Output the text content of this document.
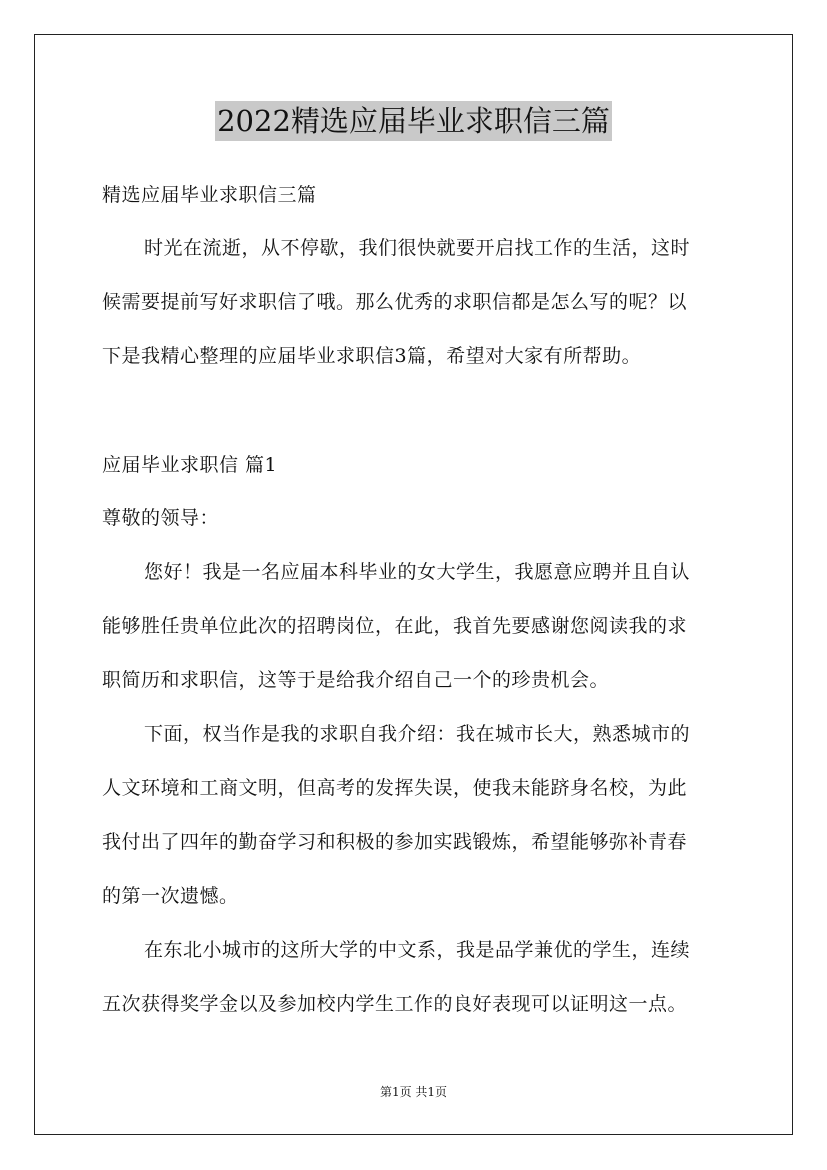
2022精选应届毕业求职信三篇
精选应届毕业求职信三篇
时光在流逝，从不停歇，我们很快就要开启找工作的生活，这时
候需要提前写好求职信了哦。那么优秀的求职信都是怎么写的呢？以
下是我精心整理的应届毕业求职信3篇，希望对大家有所帮助。
应届毕业求职信 篇1
尊敬的领导：
您好！我是一名应届本科毕业的女大学生，我愿意应聘并且自认
能够胜任贵单位此次的招聘岗位，在此，我首先要感谢您阅读我的求
职简历和求职信，这等于是给我介绍自己一个的珍贵机会。
下面，权当作是我的求职自我介绍：我在城市长大，熟悉城市的
人文环境和工商文明，但高考的发挥失误，使我未能跻身名校，为此
我付出了四年的勤奋学习和积极的参加实践锻炼，希望能够弥补青春
的第一次遗憾。
在东北小城市的这所大学的中文系，我是品学兼优的学生，连续
五次获得奖学金以及参加校内学生工作的良好表现可以证明这一点。
第1页 共1页
